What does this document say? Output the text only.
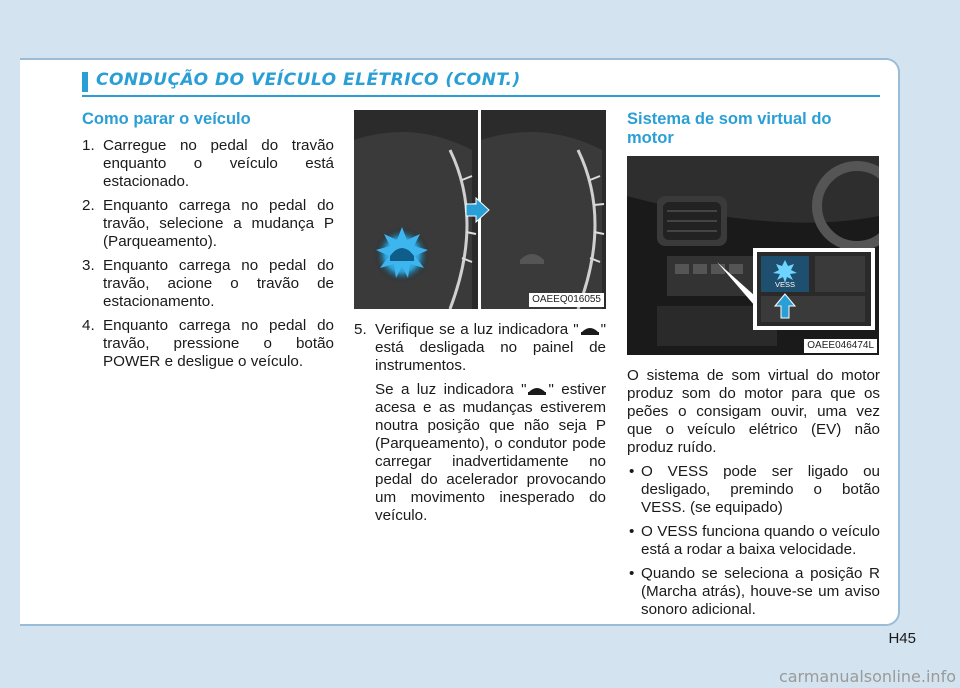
CONDUÇÃO DO VEÍCULO ELÉTRICO (CONT.)
Como parar o veículo
1. Carregue no pedal do travão enquanto o veículo está estacionado.
2. Enquanto carrega no pedal do travão, selecione a mudança P (Parqueamento).
3. Enquanto carrega no pedal do travão, acione o travão de estacionamento.
4. Enquanto carrega no pedal do travão, pressione o botão POWER e desligue o veículo.
OAEEQ016055
5. Verifique se a luz indicadora " " está desligada no painel de instrumentos.

Se a luz indicadora " " estiver acesa e as mudanças estiverem noutra posição que não seja P (Parqueamento), o condutor pode carregar inadvertidamente no pedal do acelerador provocando um movimento inesperado do veículo.

Sistema de som virtual do motor
VESS
OAEE046474L

O sistema de som virtual do motor produz som do motor para que os peões o consigam ouvir, uma vez que o veículo elétrico (EV) não produz ruído.

• O VESS pode ser ligado ou desligado, premindo o botão VESS. (se equipado)
• O VESS funciona quando o veículo está a rodar a baixa velocidade.
• Quando se seleciona a posição R (Marcha atrás), houve-se um aviso sonoro adicional.
H45
carmanualsonline.info
